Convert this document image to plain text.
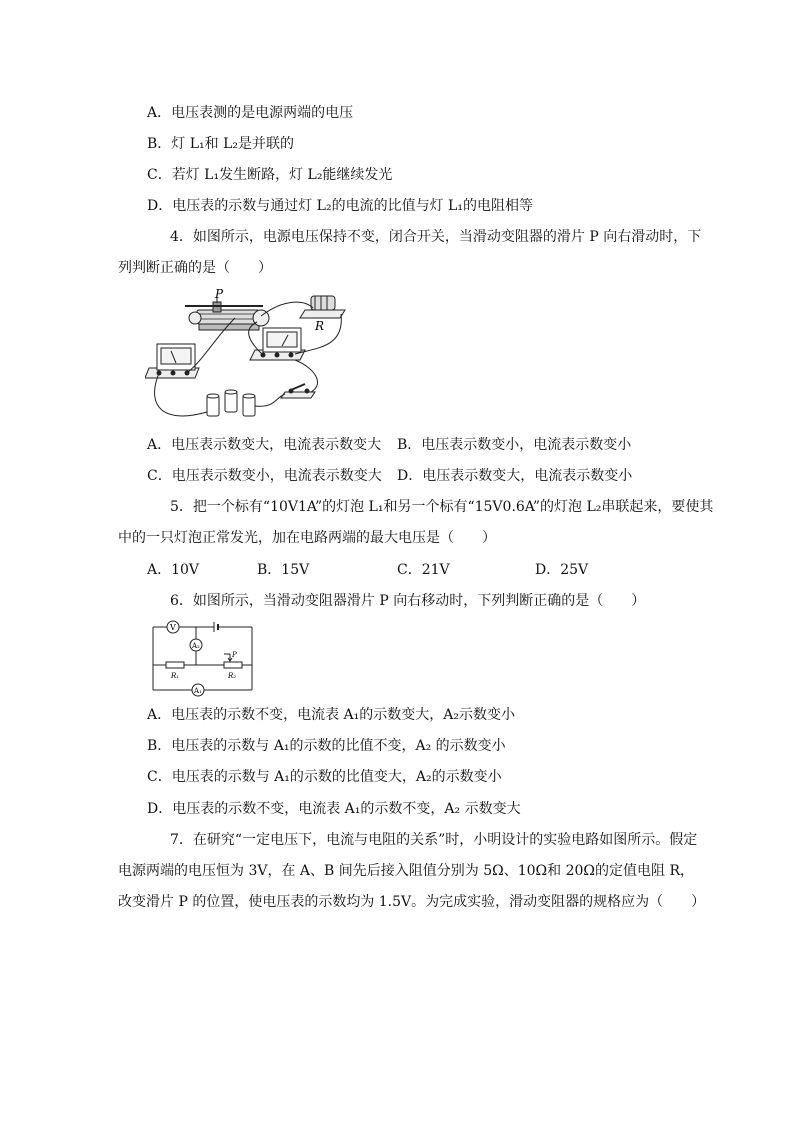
A．电压表测的是电源两端的电压
B．灯 L₁和 L₂是并联的
C．若灯 L₁发生断路，灯 L₂能继续发光
D．电压表的示数与通过灯 L₂的电流的比值与灯 L₁的电阻相等
4．如图所示，电源电压保持不变，闭合开关，当滑动变阻器的滑片 P 向右滑动时，下
列判断正确的是（　　）
P
R
A．电压表示数变大，电流表示数变大 B．电压表示数变小，电流表示数变小
C．电压表示数变小，电流表示数变大 D．电压表示数变大，电流表示数变小
5．把一个标有“10V1A”的灯泡 L₁和另一个标有“15V0.6A”的灯泡 L₂串联起来，要使其
中的一只灯泡正常发光，加在电路两端的最大电压是（　　）
A．10V	B．15V	C．21V	D．25V
6．如图所示，当滑动变阻器滑片 P 向右移动时，下列判断正确的是（　　）
V
A₂
A₁
R₁	R₂
P
A．电压表的示数不变，电流表 A₁的示数变大，A₂示数变小
B．电压表的示数与 A₁的示数的比值不变，A₂ 的示数变小
C．电压表的示数与 A₁的示数的比值变大，A₂的示数变小
D．电压表的示数不变，电流表 A₁的示数不变，A₂ 示数变大
7．在研究“一定电压下，电流与电阻的关系”时，小明设计的实验电路如图所示。假定
电源两端的电压恒为 3V，在 A、B 间先后接入阻值分别为 5Ω、10Ω和 20Ω的定值电阻 R，
改变滑片 P 的位置，使电压表的示数均为 1.5V。为完成实验，滑动变阻器的规格应为（　　）
